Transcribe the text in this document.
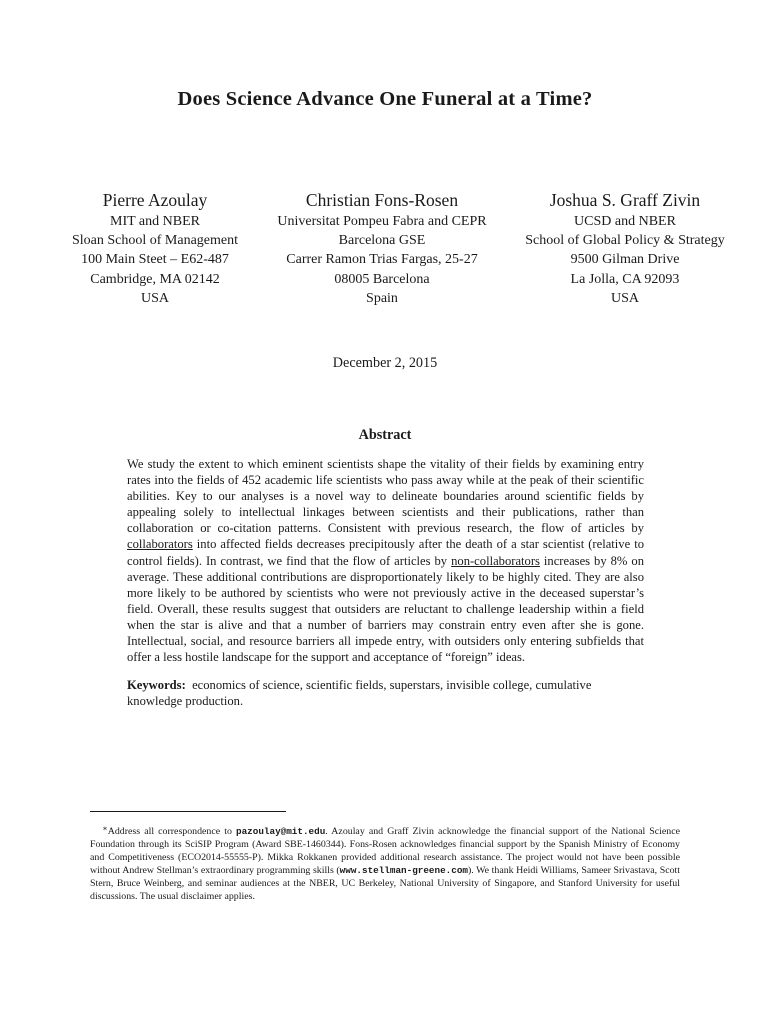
Does Science Advance One Funeral at a Time?
Pierre Azoulay
MIT and NBER
Sloan School of Management
100 Main Steet – E62-487
Cambridge, MA 02142
USA
Christian Fons-Rosen
Universitat Pompeu Fabra and CEPR
Barcelona GSE
Carrer Ramon Trias Fargas, 25-27
08005 Barcelona
Spain
Joshua S. Graff Zivin
UCSD and NBER
School of Global Policy & Strategy
9500 Gilman Drive
La Jolla, CA 92093
USA
December 2, 2015
Abstract
We study the extent to which eminent scientists shape the vitality of their fields by examining entry rates into the fields of 452 academic life scientists who pass away while at the peak of their scientific abilities. Key to our analyses is a novel way to delineate boundaries around scientific fields by appealing solely to intellectual linkages between scientists and their publications, rather than collaboration or co-citation patterns. Consistent with previous research, the flow of articles by collaborators into affected fields decreases precipitously after the death of a star scientist (relative to control fields). In contrast, we find that the flow of articles by non-collaborators increases by 8% on average. These additional contributions are disproportionately likely to be highly cited. They are also more likely to be authored by scientists who were not previously active in the deceased superstar’s field. Overall, these results suggest that outsiders are reluctant to challenge leadership within a field when the star is alive and that a number of barriers may constrain entry even after she is gone. Intellectual, social, and resource barriers all impede entry, with outsiders only entering subfields that offer a less hostile landscape for the support and acceptance of “foreign” ideas.
Keywords: economics of science, scientific fields, superstars, invisible college, cumulative knowledge production.
∗Address all correspondence to pazoulay@mit.edu. Azoulay and Graff Zivin acknowledge the financial support of the National Science Foundation through its SciSIP Program (Award SBE-1460344). Fons-Rosen acknowledges financial support by the Spanish Ministry of Economy and Competitiveness (ECO2014-55555-P). Mikka Rokkanen provided additional research assistance. The project would not have been possible without Andrew Stellman’s extraordinary programming skills (www.stellman-greene.com). We thank Heidi Williams, Sameer Srivastava, Scott Stern, Bruce Weinberg, and seminar audiences at the NBER, UC Berkeley, National University of Singapore, and Stanford University for useful discussions. The usual disclaimer applies.
